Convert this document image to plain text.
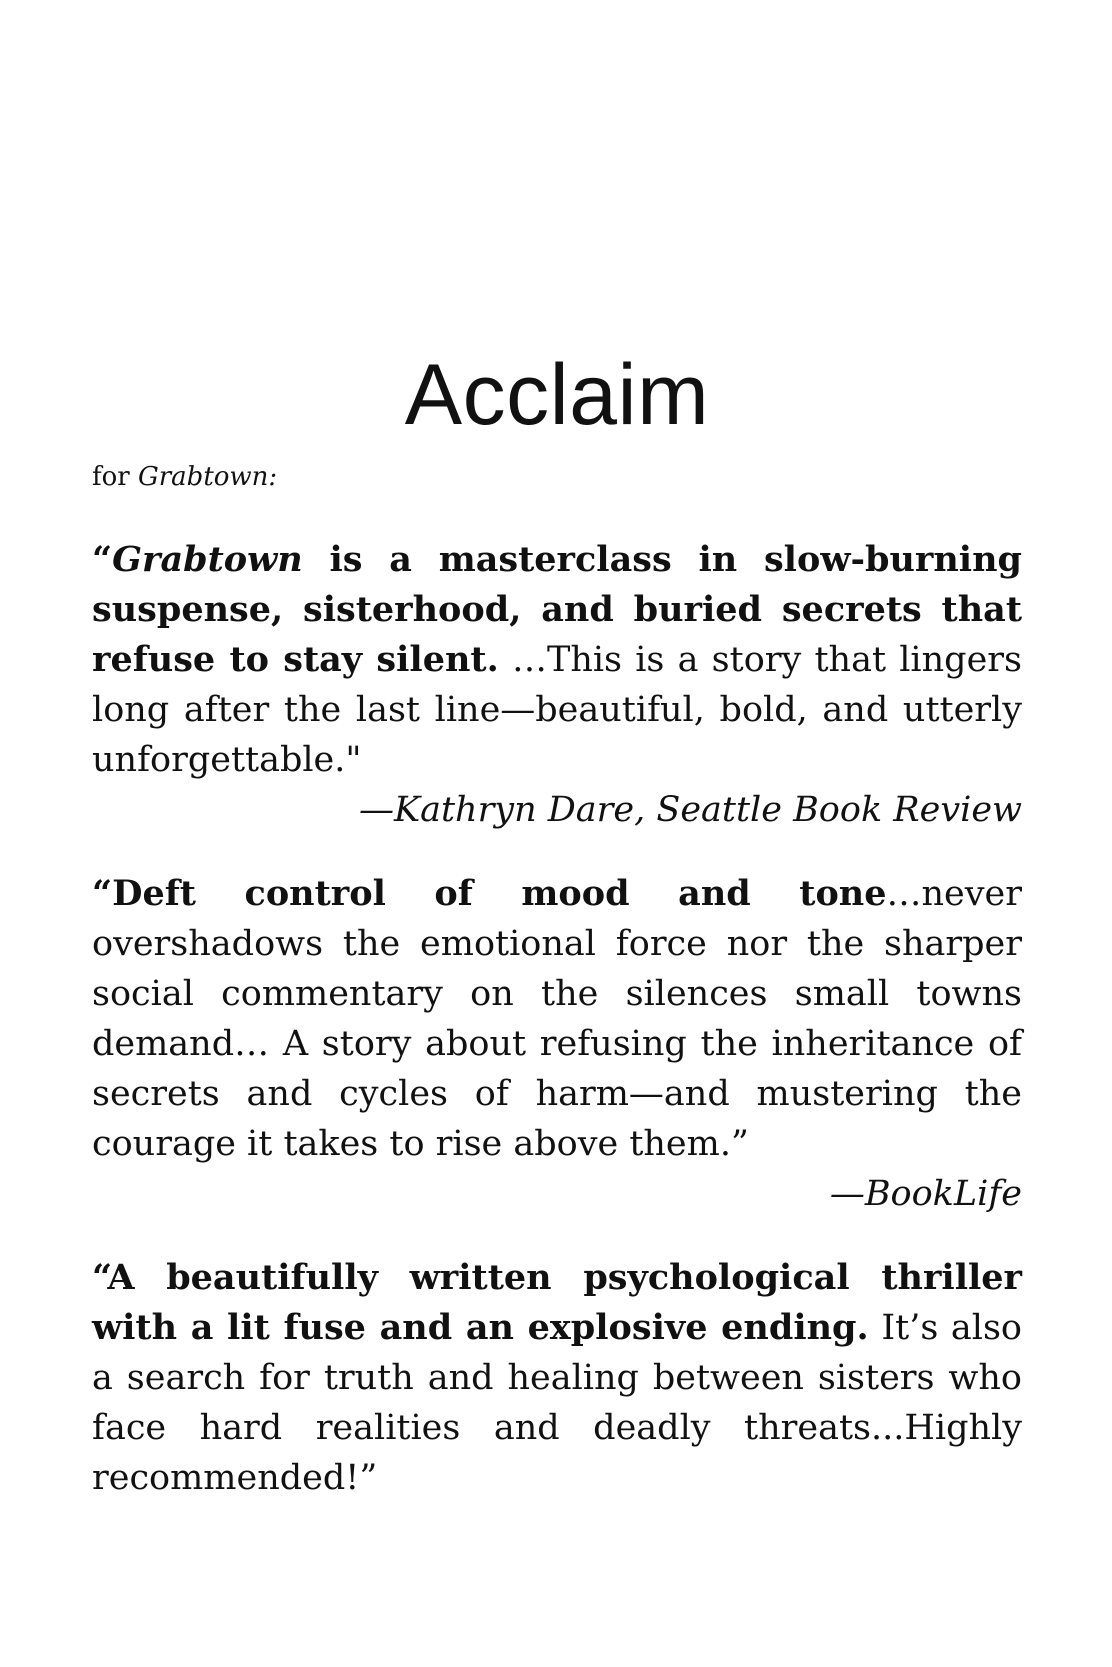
Acclaim

for Grabtown:

“Grabtown is a masterclass in slow-burning suspense, sisterhood, and buried secrets that refuse to stay silent. …This is a story that lingers long after the last line—beautiful, bold, and utterly unforgettable."

—Kathryn Dare, Seattle Book Review

“Deft control of mood and tone…never overshadows the emotional force nor the sharper social commentary on the silences small towns demand… A story about refusing the inheritance of secrets and cycles of harm—and mustering the courage it takes to rise above them.”

—BookLife

“A beautifully written psychological thriller with a lit fuse and an explosive ending. It’s also a search for truth and healing between sisters who face hard realities and deadly threats...Highly recommended!”
